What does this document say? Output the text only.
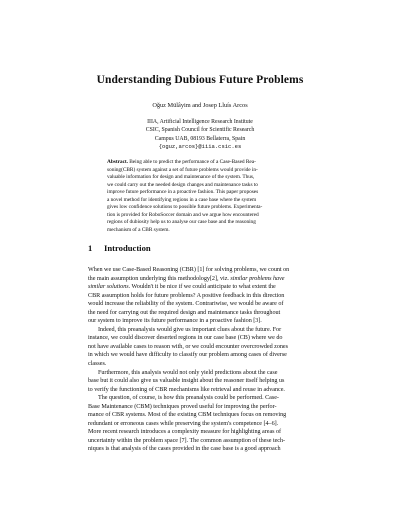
Understanding Dubious Future Problems
Oğuz Mülâyim and Josep Lluís Arcos
IIIA, Artificial Intelligence Research Institute
CSIC, Spanish Council for Scientific Research
Campus UAB, 08193 Bellaterra, Spain
{oguz,arcos}@iiia.csic.es
Abstract. Being able to predict the performance of a Case-Based Rea-
soning(CBR) system against a set of future problems would provide in-
valuable information for design and maintenance of the system. Thus,
we could carry out the needed design changes and maintenance tasks to
improve future performance in a proactive fashion. This paper proposes
a novel method for identifying regions in a case base where the system
gives low confidence solutions to possible future problems. Experimenta-
tion is provided for RoboSoccer domain and we argue how encountered
regions of dubiosity help us to analyse our case base and the reasoning
mechanism of a CBR system.
1 Introduction
When we use Case-Based Reasoning (CBR) [1] for solving problems, we count on
the main assumption underlying this methodology[2], viz. similar problems have
similar solutions. Wouldn't it be nice if we could anticipate to what extent the
CBR assumption holds for future problems? A positive feedback in this direction
would increase the reliability of the system. Contrariwise, we would be aware of
the need for carrying out the required design and maintenance tasks throughout
our system to improve its future performance in a proactive fashion [3].
Indeed, this preanalysis would give us important clues about the future. For
instance, we could discover deserted regions in our case base (CB) where we do
not have available cases to reason with, or we could encounter overcrowded zones
in which we would have difficulty to classify our problem among cases of diverse
classes.
Furthermore, this analysis would not only yield predictions about the case
base but it could also give us valuable insight about the reasoner itself helping us
to verify the functioning of CBR mechanisms like retrieval and reuse in advance.
The question, of course, is how this preanalysis could be performed. Case-
Base Maintenance (CBM) techniques proved useful for improving the perfor-
mance of CBR systems. Most of the existing CBM techniques focus on removing
redundant or erroneous cases while preserving the system's competence [4–6].
More recent research introduces a complexity measure for highlighting areas of
uncertainty within the problem space [7]. The common assumption of these tech-
niques is that analysis of the cases provided in the case base is a good approach
